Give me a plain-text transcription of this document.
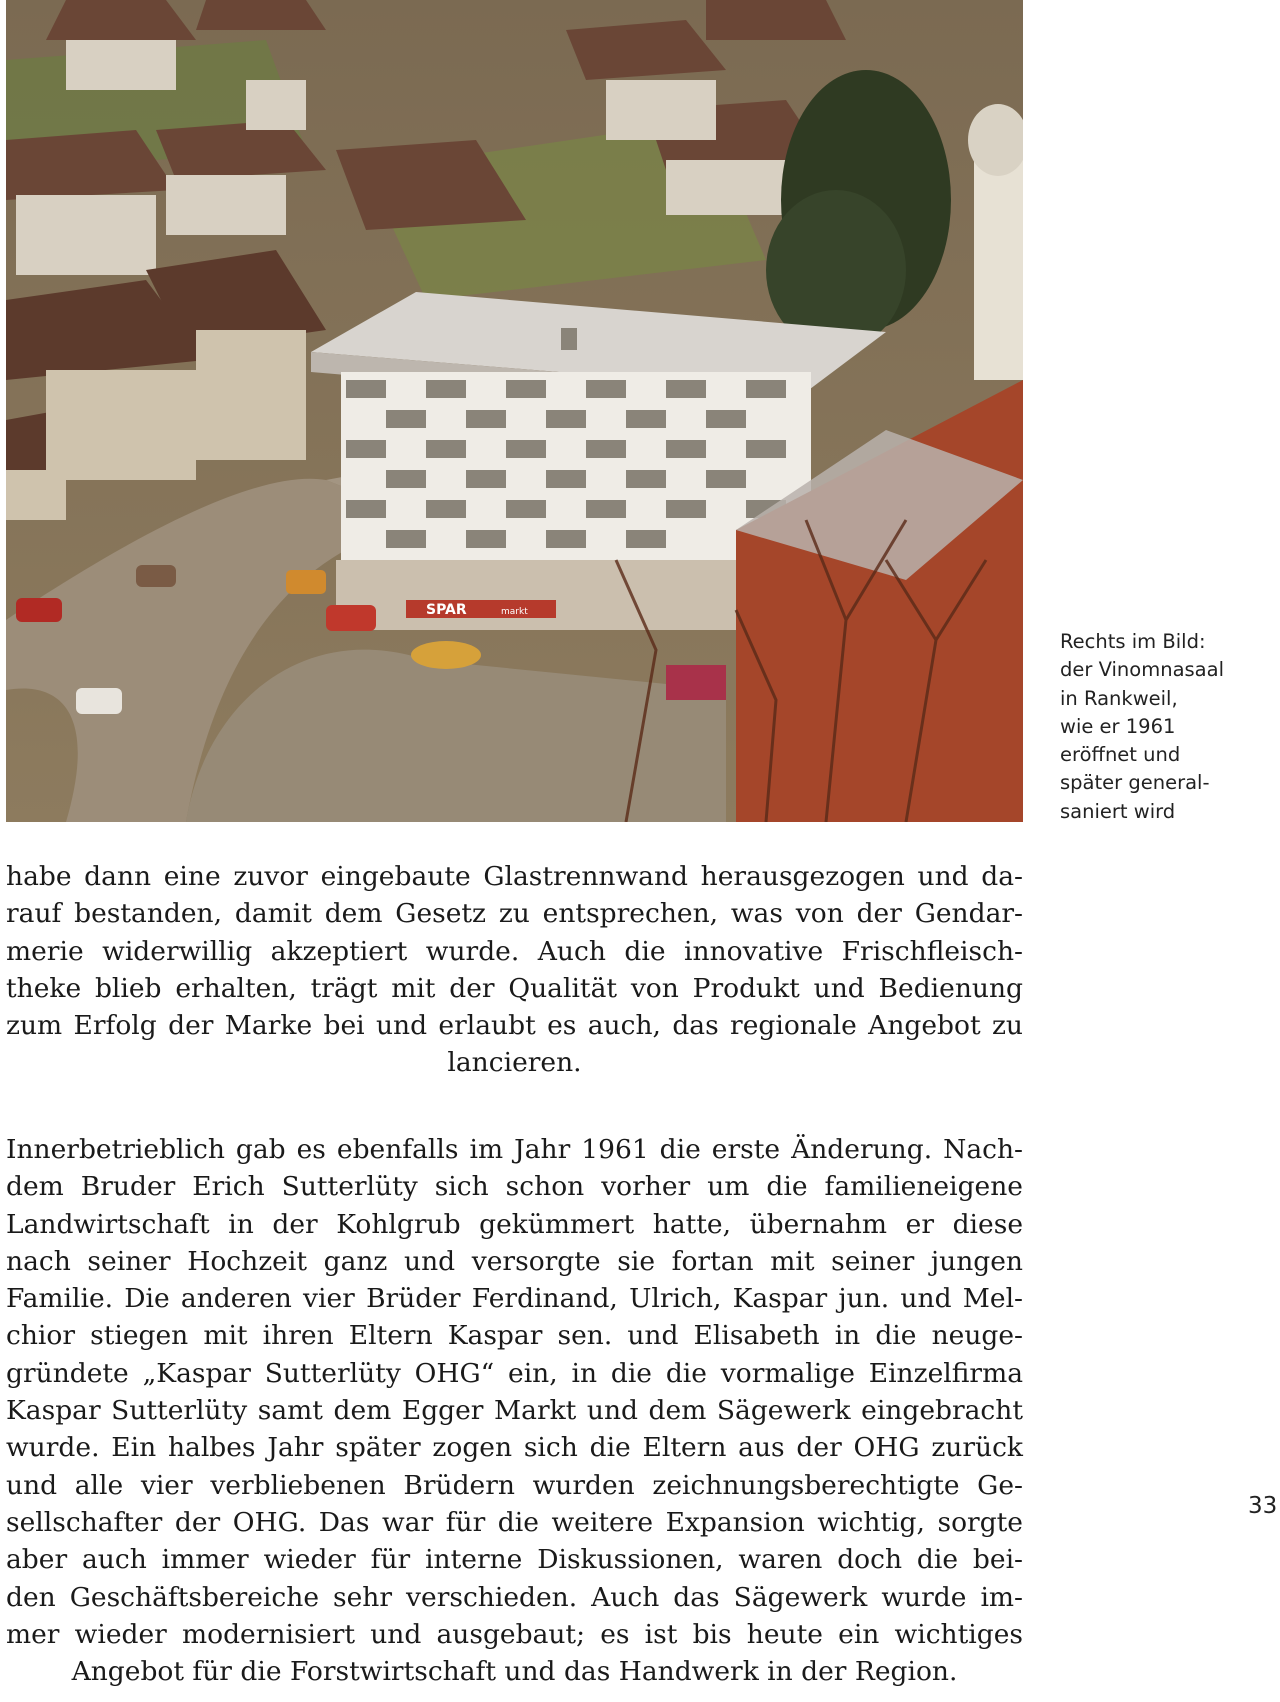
SPAR	markt
Rechts im Bild:
der Vinomnasaal
in Rankweil,
wie er 1961
eröffnet und
später general-
saniert wird
habe dann eine zuvor eingebaute Glastrennwand herausgezogen und da-
rauf bestanden, damit dem Gesetz zu entsprechen, was von der Gendar-
merie widerwillig akzeptiert wurde. Auch die innovative Frischfleisch-
theke blieb erhalten, trägt mit der Qualität von Produkt und Bedienung
zum Erfolg der Marke bei und erlaubt es auch, das regionale Angebot zu
lancieren.
Innerbetrieblich gab es ebenfalls im Jahr 1961 die erste Änderung. Nach-
dem Bruder Erich Sutterlüty sich schon vorher um die familieneigene
Landwirtschaft in der Kohlgrub gekümmert hatte, übernahm er diese
nach seiner Hochzeit ganz und versorgte sie fortan mit seiner jungen
Familie. Die anderen vier Brüder Ferdinand, Ulrich, Kaspar jun. und Mel-
chior stiegen mit ihren Eltern Kaspar sen. und Elisabeth in die neuge-
gründete „Kaspar Sutterlüty OHG“ ein, in die die vormalige Einzelfirma
Kaspar Sutterlüty samt dem Egger Markt und dem Sägewerk eingebracht
wurde. Ein halbes Jahr später zogen sich die Eltern aus der OHG zurück
und alle vier verbliebenen Brüdern wurden zeichnungsberechtigte Ge-
sellschafter der OHG. Das war für die weitere Expansion wichtig, sorgte
aber auch immer wieder für interne Diskussionen, waren doch die bei-
den Geschäftsbereiche sehr verschieden. Auch das Sägewerk wurde im-
mer wieder modernisiert und ausgebaut; es ist bis heute ein wichtiges
Angebot für die Forstwirtschaft und das Handwerk in der Region.
33
